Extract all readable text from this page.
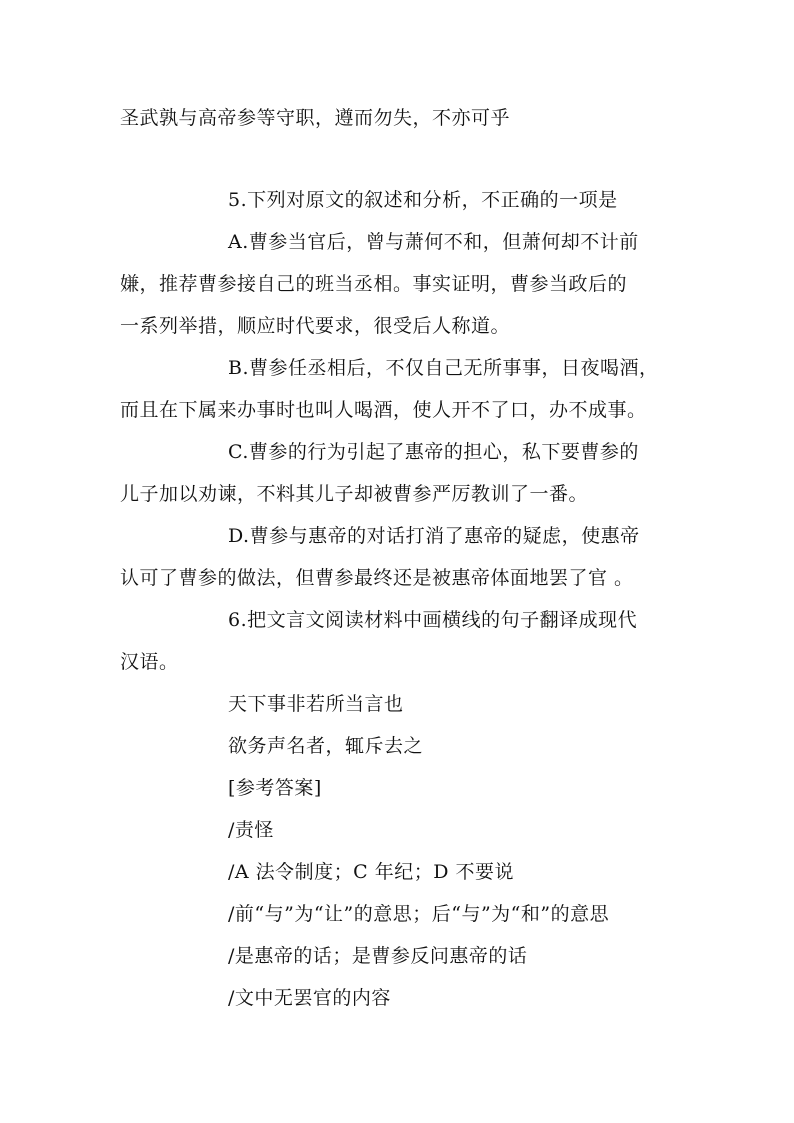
圣武孰与高帝参等守职，遵而勿失，不亦可乎
5.下列对原文的叙述和分析，不正确的一项是
A.曹参当官后，曾与萧何不和，但萧何却不计前
嫌，推荐曹参接自己的班当丞相。事实证明，曹参当政后的
一系列举措，顺应时代要求，很受后人称道。
B.曹参任丞相后，不仅自己无所事事，日夜喝酒，
而且在下属来办事时也叫人喝酒，使人开不了口，办不成事。
C.曹参的行为引起了惠帝的担心，私下要曹参的
儿子加以劝谏，不料其儿子却被曹参严厉教训了一番。
D.曹参与惠帝的对话打消了惠帝的疑虑，使惠帝
认可了曹参的做法，但曹参最终还是被惠帝体面地罢了官 。
6.把文言文阅读材料中画横线的句子翻译成现代
汉语。
天下事非若所当言也
欲务声名者，辄斥去之
[参考答案]
/责怪
/A 法令制度；C 年纪；D 不要说
/前“与”为“让”的意思；后“与”为“和”的意思
/是惠帝的话；是曹参反问惠帝的话
/文中无罢官的内容
